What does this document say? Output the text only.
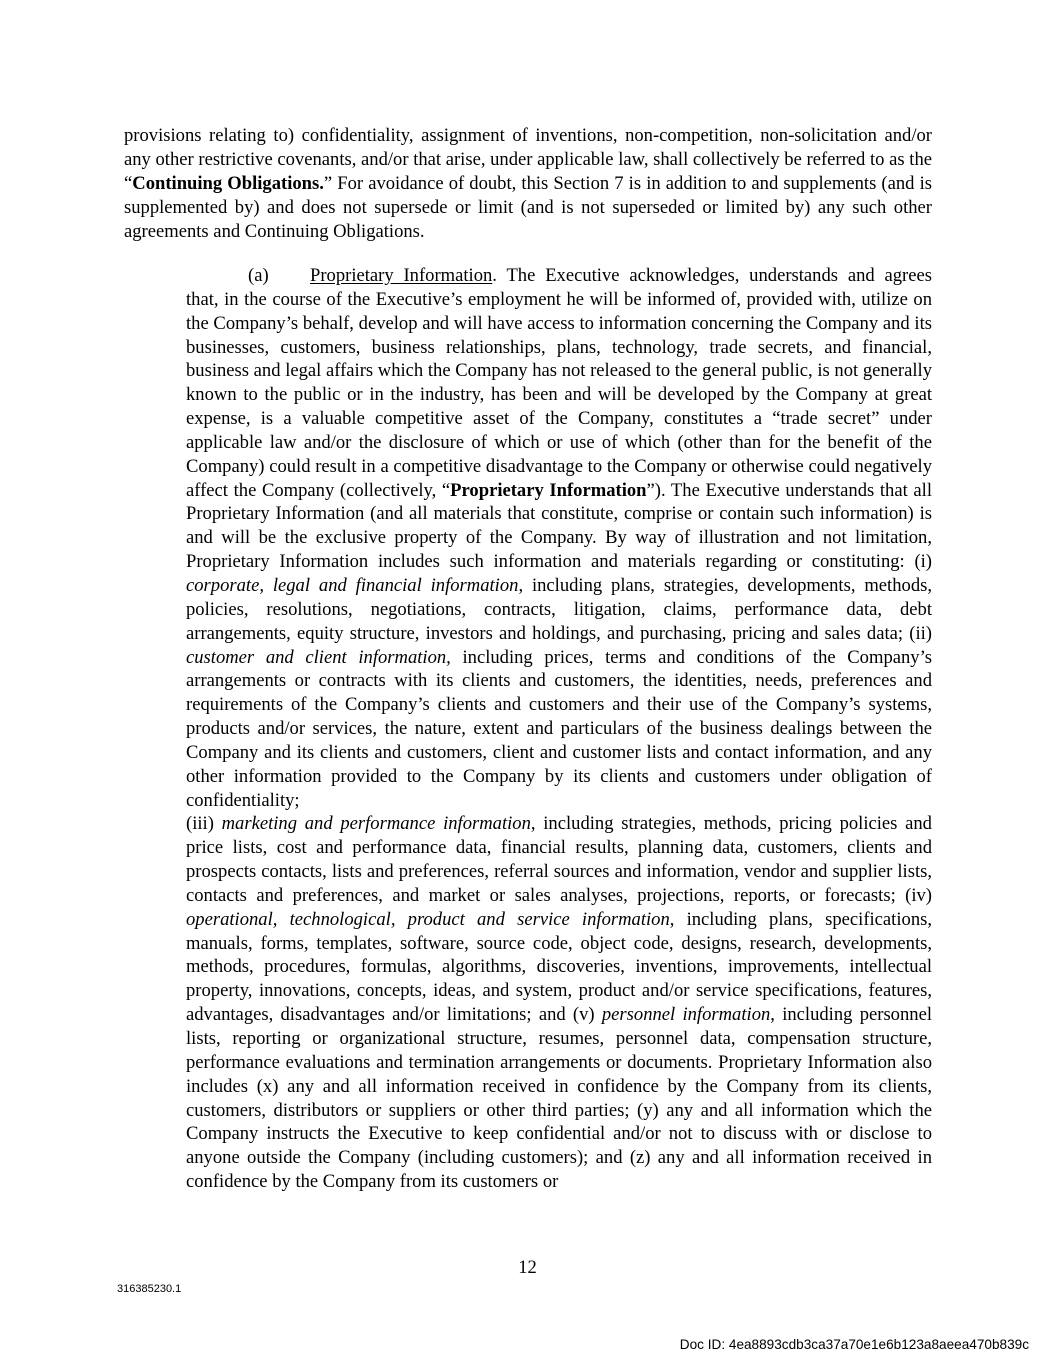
provisions relating to) confidentiality, assignment of inventions, non-competition, non-solicitation and/or any other restrictive covenants, and/or that arise, under applicable law, shall collectively be referred to as the “Continuing Obligations.” For avoidance of doubt, this Section 7 is in addition to and supplements (and is supplemented by) and does not supersede or limit (and is not superseded or limited by) any such other agreements and Continuing Obligations.

(a) Proprietary Information. The Executive acknowledges, understands and agrees that, in the course of the Executive’s employment he will be informed of, provided with, utilize on the Company’s behalf, develop and will have access to information concerning the Company and its businesses, customers, business relationships, plans, technology, trade secrets, and financial, business and legal affairs which the Company has not released to the general public, is not generally known to the public or in the industry, has been and will be developed by the Company at great expense, is a valuable competitive asset of the Company, constitutes a “trade secret” under applicable law and/or the disclosure of which or use of which (other than for the benefit of the Company) could result in a competitive disadvantage to the Company or otherwise could negatively affect the Company (collectively, “Proprietary Information”). The Executive understands that all Proprietary Information (and all materials that constitute, comprise or contain such information) is and will be the exclusive property of the Company. By way of illustration and not limitation, Proprietary Information includes such information and materials regarding or constituting: (i) corporate, legal and financial information, including plans, strategies, developments, methods, policies, resolutions, negotiations, contracts, litigation, claims, performance data, debt arrangements, equity structure, investors and holdings, and purchasing, pricing and sales data; (ii) customer and client information, including prices, terms and conditions of the Company’s arrangements or contracts with its clients and customers, the identities, needs, preferences and requirements of the Company’s clients and customers and their use of the Company’s systems, products and/or services, the nature, extent and particulars of the business dealings between the Company and its clients and customers, client and customer lists and contact information, and any other information provided to the Company by its clients and customers under obligation of confidentiality;
(iii) marketing and performance information, including strategies, methods, pricing policies and price lists, cost and performance data, financial results, planning data, customers, clients and prospects contacts, lists and preferences, referral sources and information, vendor and supplier lists, contacts and preferences, and market or sales analyses, projections, reports, or forecasts; (iv) operational, technological, product and service information, including plans, specifications, manuals, forms, templates, software, source code, object code, designs, research, developments, methods, procedures, formulas, algorithms, discoveries, inventions, improvements, intellectual property, innovations, concepts, ideas, and system, product and/or service specifications, features, advantages, disadvantages and/or limitations; and (v) personnel information, including personnel lists, reporting or organizational structure, resumes, personnel data, compensation structure, performance evaluations and termination arrangements or documents. Proprietary Information also includes (x) any and all information received in confidence by the Company from its clients, customers, distributors or suppliers or other third parties; (y) any and all information which the Company instructs the Executive to keep confidential and/or not to discuss with or disclose to anyone outside the Company (including customers); and (z) any and all information received in confidence by the Company from its customers or

12

316385230.1

Doc ID: 4ea8893cdb3ca37a70e1e6b123a8aeea470b839c
